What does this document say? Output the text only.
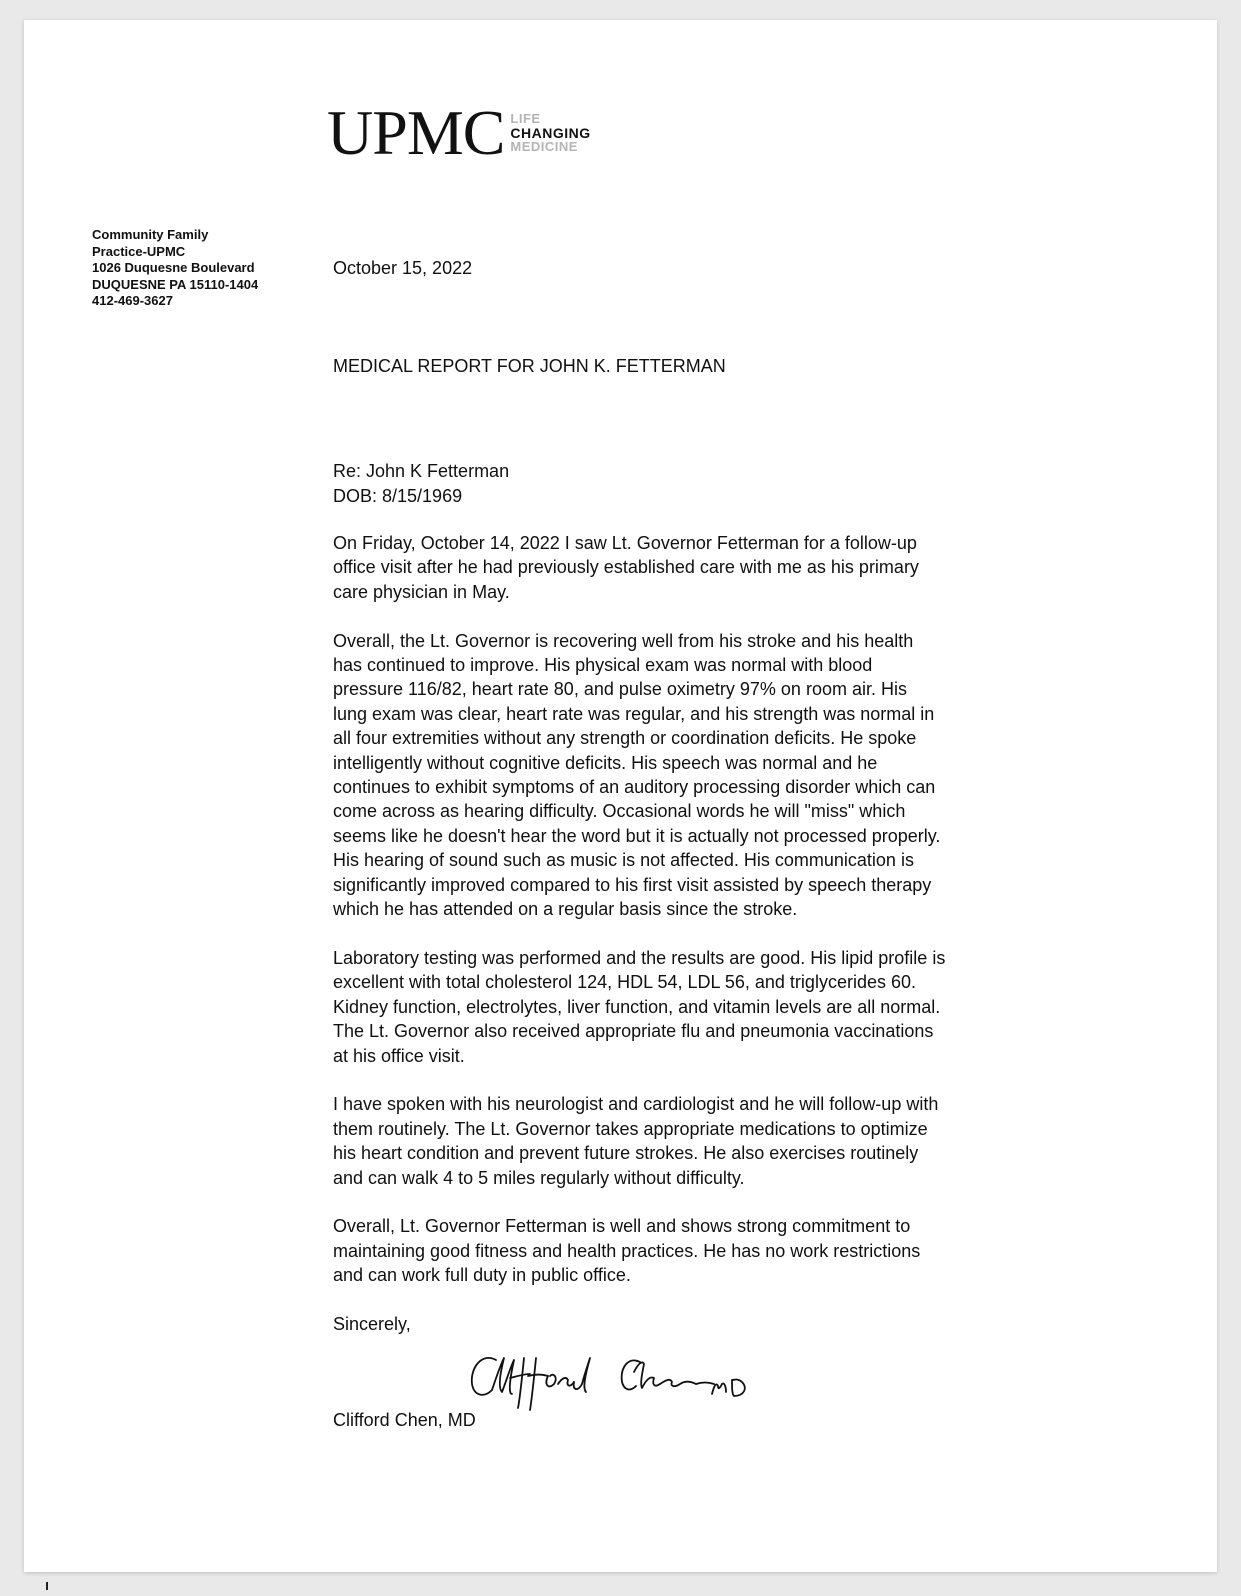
UPMC LIFE
CHANGING
MEDICINE
Community Family
Practice-UPMC
1026 Duquesne Boulevard
DUQUESNE PA 15110-1404
412-469-3627
October 15, 2022
MEDICAL REPORT FOR JOHN K. FETTERMAN
Re: John K Fetterman
DOB: 8/15/1969
On Friday, October 14, 2022 I saw Lt. Governor Fetterman for a follow-up
office visit after he had previously established care with me as his primary
care physician in May.
Overall, the Lt. Governor is recovering well from his stroke and his health
has continued to improve. His physical exam was normal with blood
pressure 116/82, heart rate 80, and pulse oximetry 97% on room air. His
lung exam was clear, heart rate was regular, and his strength was normal in
all four extremities without any strength or coordination deficits. He spoke
intelligently without cognitive deficits. His speech was normal and he
continues to exhibit symptoms of an auditory processing disorder which can
come across as hearing difficulty. Occasional words he will "miss" which
seems like he doesn't hear the word but it is actually not processed properly.
His hearing of sound such as music is not affected. His communication is
significantly improved compared to his first visit assisted by speech therapy
which he has attended on a regular basis since the stroke.
Laboratory testing was performed and the results are good. His lipid profile is
excellent with total cholesterol 124, HDL 54, LDL 56, and triglycerides 60.
Kidney function, electrolytes, liver function, and vitamin levels are all normal.
The Lt. Governor also received appropriate flu and pneumonia vaccinations
at his office visit.
I have spoken with his neurologist and cardiologist and he will follow-up with
them routinely. The Lt. Governor takes appropriate medications to optimize
his heart condition and prevent future strokes. He also exercises routinely
and can walk 4 to 5 miles regularly without difficulty.
Overall, Lt. Governor Fetterman is well and shows strong commitment to
maintaining good fitness and health practices. He has no work restrictions
and can work full duty in public office.
Sincerely,
Clifford Chen, MD
